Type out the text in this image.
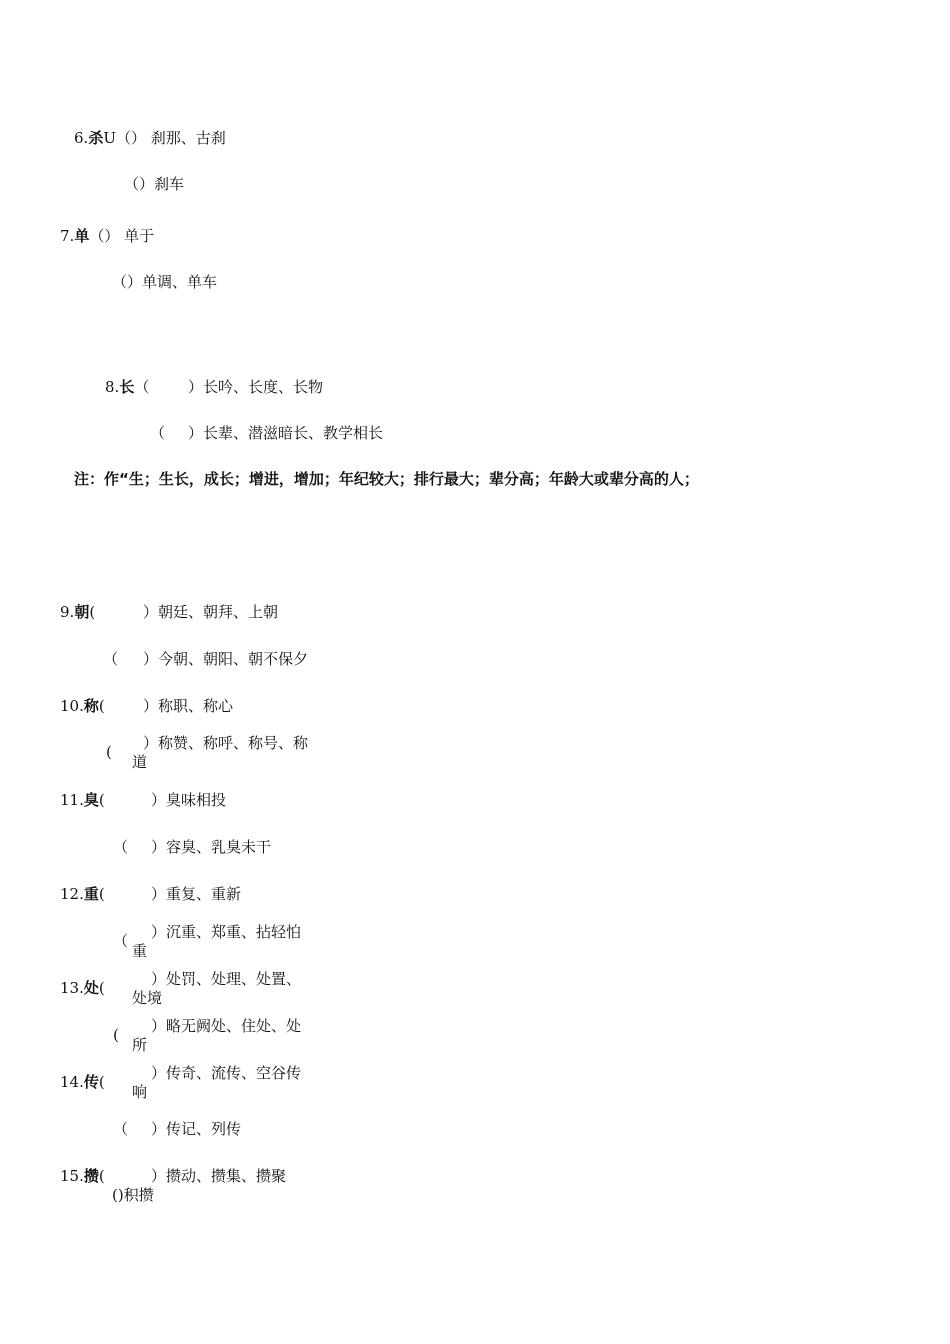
6.杀U（） 刹那、古刹
（）刹车
7.单（） 单于
（）单调、单车
8.长（	）长吟、长度、长物
（ ）长辈、潜滋暗长、教学相长
注：作“生；生长，成长；增进，增加；年纪较大；排行最大；辈分高；年龄大或辈分高的人；
9.朝(	）朝廷、朝拜、上朝
（ ）今朝、朝阳、朝不保夕
10.称(	）称职、称心
( ）称赞、称呼、称号、称
道
11.臭(	）臭味相投
（ ）容臭、乳臭未干
12.重(	）重复、重新
（ ）沉重、郑重、拈轻怕
重
13.处(	）处罚、处理、处置、
处境
( ）略无阙处、住处、处
所
14.传(	）传奇、流传、空谷传
响
（ ）传记、列传
15.攒(	）攒动、攒集、攒聚
()积攒
